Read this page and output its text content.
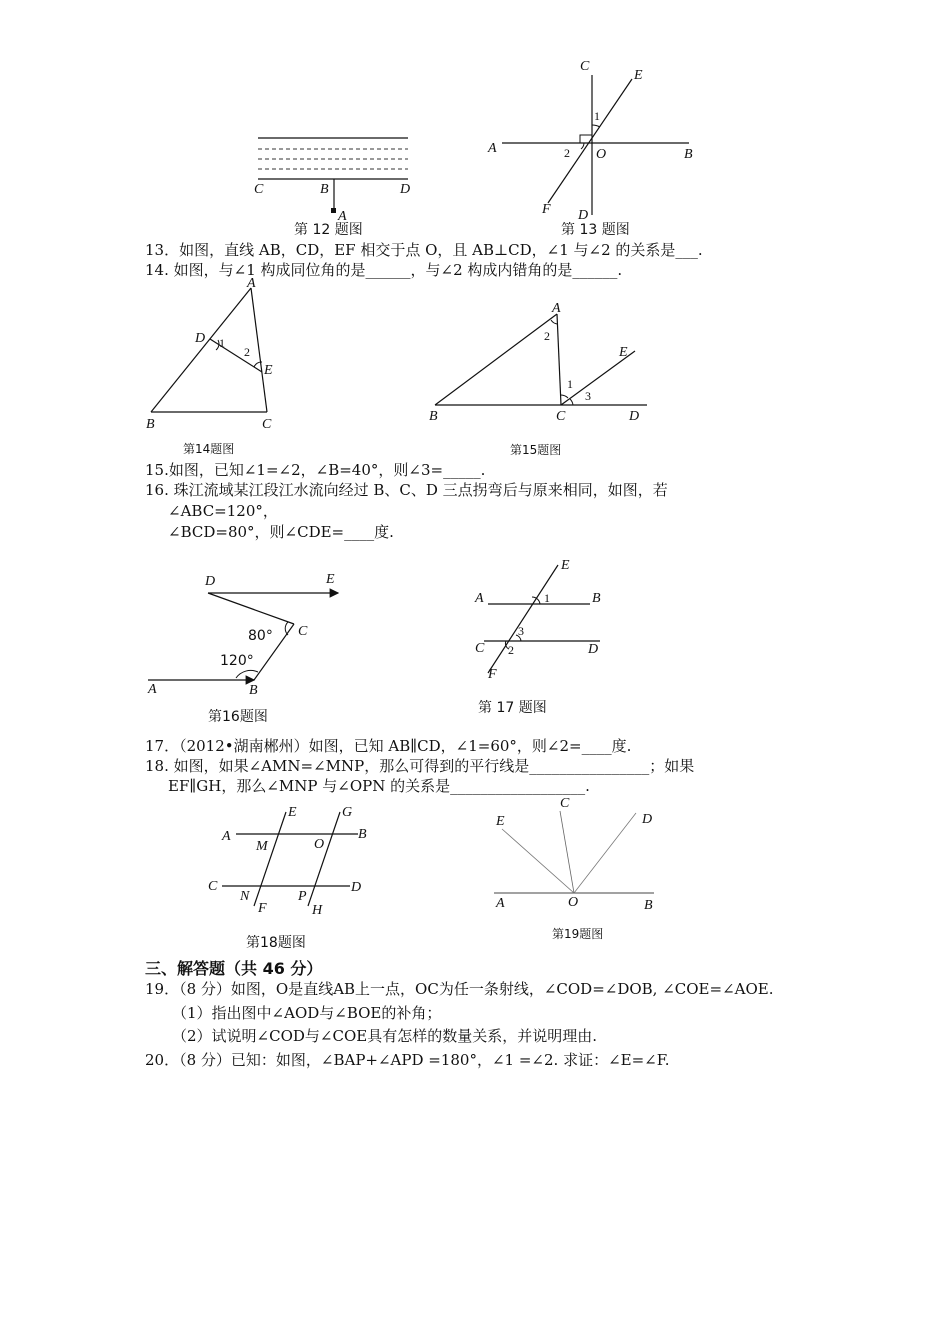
C	B	D
A
第 12 题图
C
E
A	O	B
F D
1
2
第 13 题图
13．如图，直线 AB，CD，EF 相交于点 O，且 AB⊥CD，∠1 与∠2 的关系是___.
14. 如图，与∠1 构成同位角的是______，与∠2 构成内错角的是______.
A
D
E
B	C
1
2
第14题图
A
B	C	D
E
1
2
3
第15题图
15.如图，已知∠1=∠2，∠B=40°，则∠3=_____.
16. 珠江流域某江段江水流向经过 B、C、D 三点拐弯后与原来相同，如图，若
∠ABC=120°，
∠BCD=80°，则∠CDE=____度.
D	E
C
B
A
80°
120°
第16题图
E
A	B
C	D
F
1
2
3
第 17 题图
17．（2012•湖南郴州）如图，已知 AB∥CD，∠1=60°，则∠2=____度.
18. 如图，如果∠AMN=∠MNP，那么可得到的平行线是________________；如果
EF∥GH，那么∠MNP 与∠OPN 的关系是__________________.
A	B
C	D
E	G
M	O
N	P
F	H
第18题图
E
C
D
A	O	B
第19题图
三、解答题（共 46 分）
19．（8 分）如图，O是直线AB上一点，OC为任一条射线，∠COD=∠DOB, ∠COE=∠AOE.
（1）指出图中∠AOD与∠BOE的补角；
（2）试说明∠COD与∠COE具有怎样的数量关系，并说明理由.
20．（8 分）已知：如图，∠BAP+∠APD =180°，∠1 =∠2. 求证：∠E=∠F.
